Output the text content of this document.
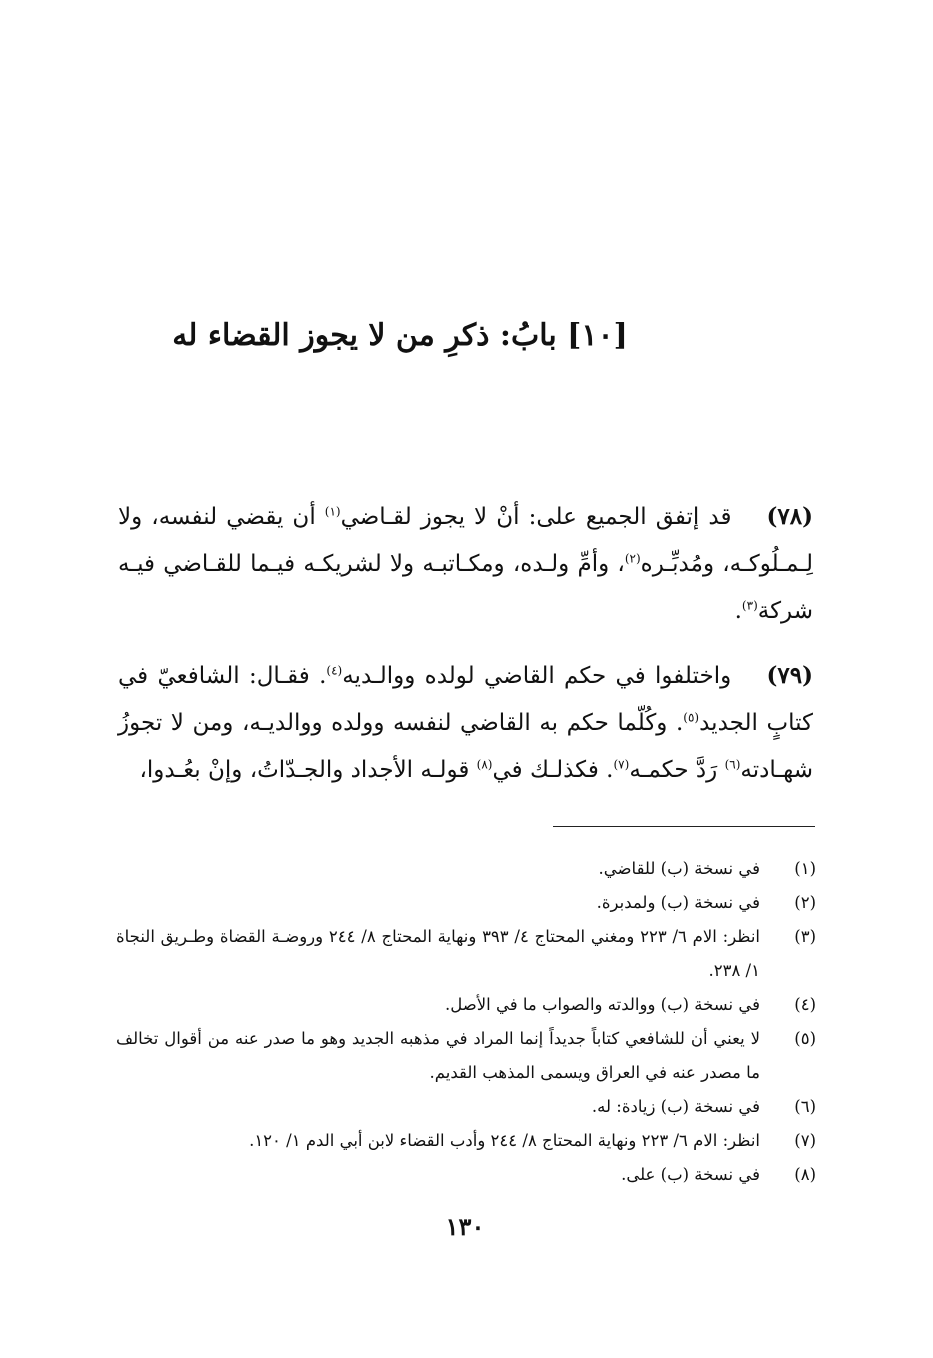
[١٠] بابُ: ذكرِ من لا يجوز القضاء له

(٧٨) قد إتفق الجميع على: أنْ لا يجوز لقـاضي$^{(١)}$ أن يقضي لنفسه، ولا لِـمـلُوكـه، ومُدبِّـره$^{(٢)}$، وأمِّ ولـده، ومكـاتبـه ولا لشريكـه فيـما للقـاضي فيـه شركة$^{(٣)}$.

(٧٩) واختلفوا في حكم القاضي لولده ووالـديه$^{(٤)}$. فقـال: الشافعيّ في كتابٍ الجديد$^{(٥)}$. وكُلّما حكم به القاضي لنفسه وولده ووالديـه، ومن لا تجوزُ شهـادته$^{(٦)}$ رَدَّ حكمـه$^{(٧)}$. فكذلـك في$^{(٨)}$ قولـه الأجداد والجـدّاتُ، وإنْ بعُـدوا،

(١)
في نسخة (ب) للقاضي.
(٢)
في نسخة (ب) ولمدبرة.
(٣)
انظر: الام ٦/ ٢٢٣ ومغني المحتاج ٤/ ٣٩٣ ونهاية المحتاج ٨/ ٢٤٤ وروضـة القضاة وطـريق النجاة ١/ ٢٣٨.
(٤)
في نسخة (ب) ووالدته والصواب ما في الأصل.
(٥)
لا يعني أن للشافعي كتاباً جديداً إنما المراد في مذهبه الجديد وهو ما صدر عنه من أقوال تخالف ما مصدر عنه في العراق ويسمى المذهب القديم.
(٦)
في نسخة (ب) زيادة: له.
(٧)
انظر: الام ٦/ ٢٢٣ ونهاية المحتاج ٨/ ٢٤٤ وأدب القضاء لابن أبي الدم ١/ ١٢٠.
(٨)
في نسخة (ب) على.
١٣٠
